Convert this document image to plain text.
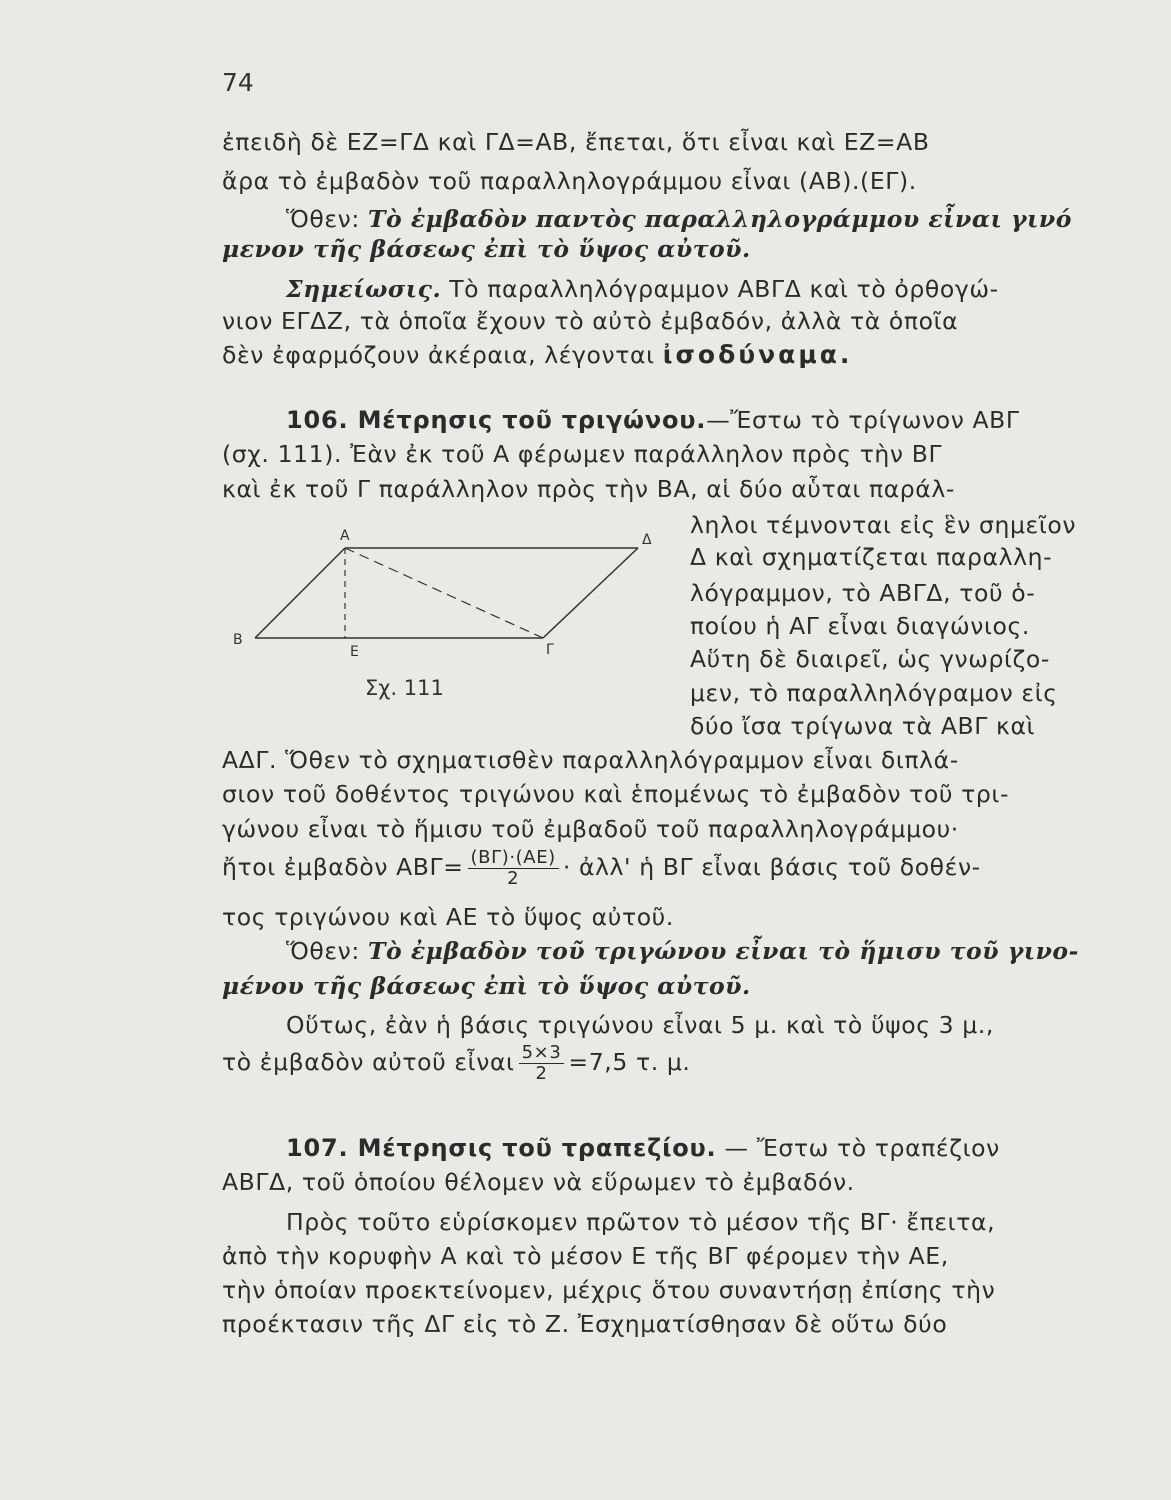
74
ἐπειδὴ δὲ ΕΖ=ΓΔ καὶ ΓΔ=ΑΒ, ἔπεται, ὅτι εἶναι καὶ ΕΖ=ΑΒ
ἄρα τὸ ἐμβαδὸν τοῦ παραλληλογράμμου εἶναι (ΑΒ).(ΕΓ).
Ὅθεν: Τὸ ἐμβαδὸν παντὸς παραλληλογράμμου εἶναι γινό
μενον τῆς βάσεως ἐπὶ τὸ ὕψος αὐτοῦ.
Σημείωσις. Τὸ παραλληλόγραμμον ΑΒΓΔ καὶ τὸ ὀρθογώ-
νιον ΕΓΔΖ, τὰ ὁποῖα ἔχουν τὸ αὐτὸ ἐμβαδόν, ἀλλὰ τὰ ὁποῖα
δὲν ἐφαρμόζουν ἀκέραια, λέγονται ἰσοδύναμα.
106. Μέτρησις τοῦ τριγώνου.—Ἔστω τὸ τρίγωνον ΑΒΓ
(σχ. 111). Ἐὰν ἐκ τοῦ Α φέρωμεν παράλληλον πρὸς τὴν ΒΓ
καὶ ἐκ τοῦ Γ παράλληλον πρὸς τὴν ΒΑ, αἱ δύο αὗται παράλ-
ληλοι τέμνονται εἰς ἓν σημεῖον
Δ καὶ σχηματίζεται παραλλη-
λόγραμμον, τὸ ΑΒΓΔ, τοῦ ὁ-
ποίου ἡ ΑΓ εἶναι διαγώνιος.
Αὕτη δὲ διαιρεῖ, ὡς γνωρίζο-
μεν, τὸ παραλληλόγραμον εἰς
δύο ἴσα τρίγωνα τὰ ΑΒΓ καὶ
Α
Β
Γ
Δ
Ε
Σχ. 111
ΑΔΓ. Ὅθεν τὸ σχηματισθὲν παραλληλόγραμμον εἶναι διπλά-
σιον τοῦ δοθέντος τριγώνου καὶ ἑπομένως τὸ ἐμβαδὸν τοῦ τρι-
γώνου εἶναι τὸ ἥμισυ τοῦ ἐμβαδοῦ τοῦ παραλληλογράμμου·
ἤτοι ἐμβαδὸν $AB\Gamma= \frac{(B\Gamma)\cdot(AE)}{2}$ · ἀλλ' ἡ ΒΓ εἶναι βάσις τοῦ δοθέν-
τος τριγώνου καὶ ΑΕ τὸ ὕψος αὐτοῦ.
Ὅθεν: Τὸ ἐμβαδὸν τοῦ τριγώνου εἶναι τὸ ἥμισυ τοῦ γινο-
μένου τῆς βάσεως ἐπὶ τὸ ὕψος αὐτοῦ.
Οὕτως, ἐὰν ἡ βάσις τριγώνου εἶναι 5 μ. καὶ τὸ ὕψος 3 μ.,
τὸ ἐμβαδὸν αὐτοῦ εἶναι $\frac{5\times 3}{2} =7,5$ τ. μ.
107. Μέτρησις τοῦ τραπεζίου. — Ἔστω τὸ τραπέζιον
ΑΒΓΔ, τοῦ ὁποίου θέλομεν νὰ εὕρωμεν τὸ ἐμβαδόν.
Πρὸς τοῦτο εὑρίσκομεν πρῶτον τὸ μέσον τῆς ΒΓ· ἔπειτα,
ἀπὸ τὴν κορυφὴν Α καὶ τὸ μέσον Ε τῆς ΒΓ φέρομεν τὴν ΑΕ,
τὴν ὁποίαν προεκτείνομεν, μέχρις ὅτου συναντήσῃ ἐπίσης τὴν
προέκτασιν τῆς ΔΓ εἰς τὸ Ζ. Ἐσχηματίσθησαν δὲ οὕτω δύο
